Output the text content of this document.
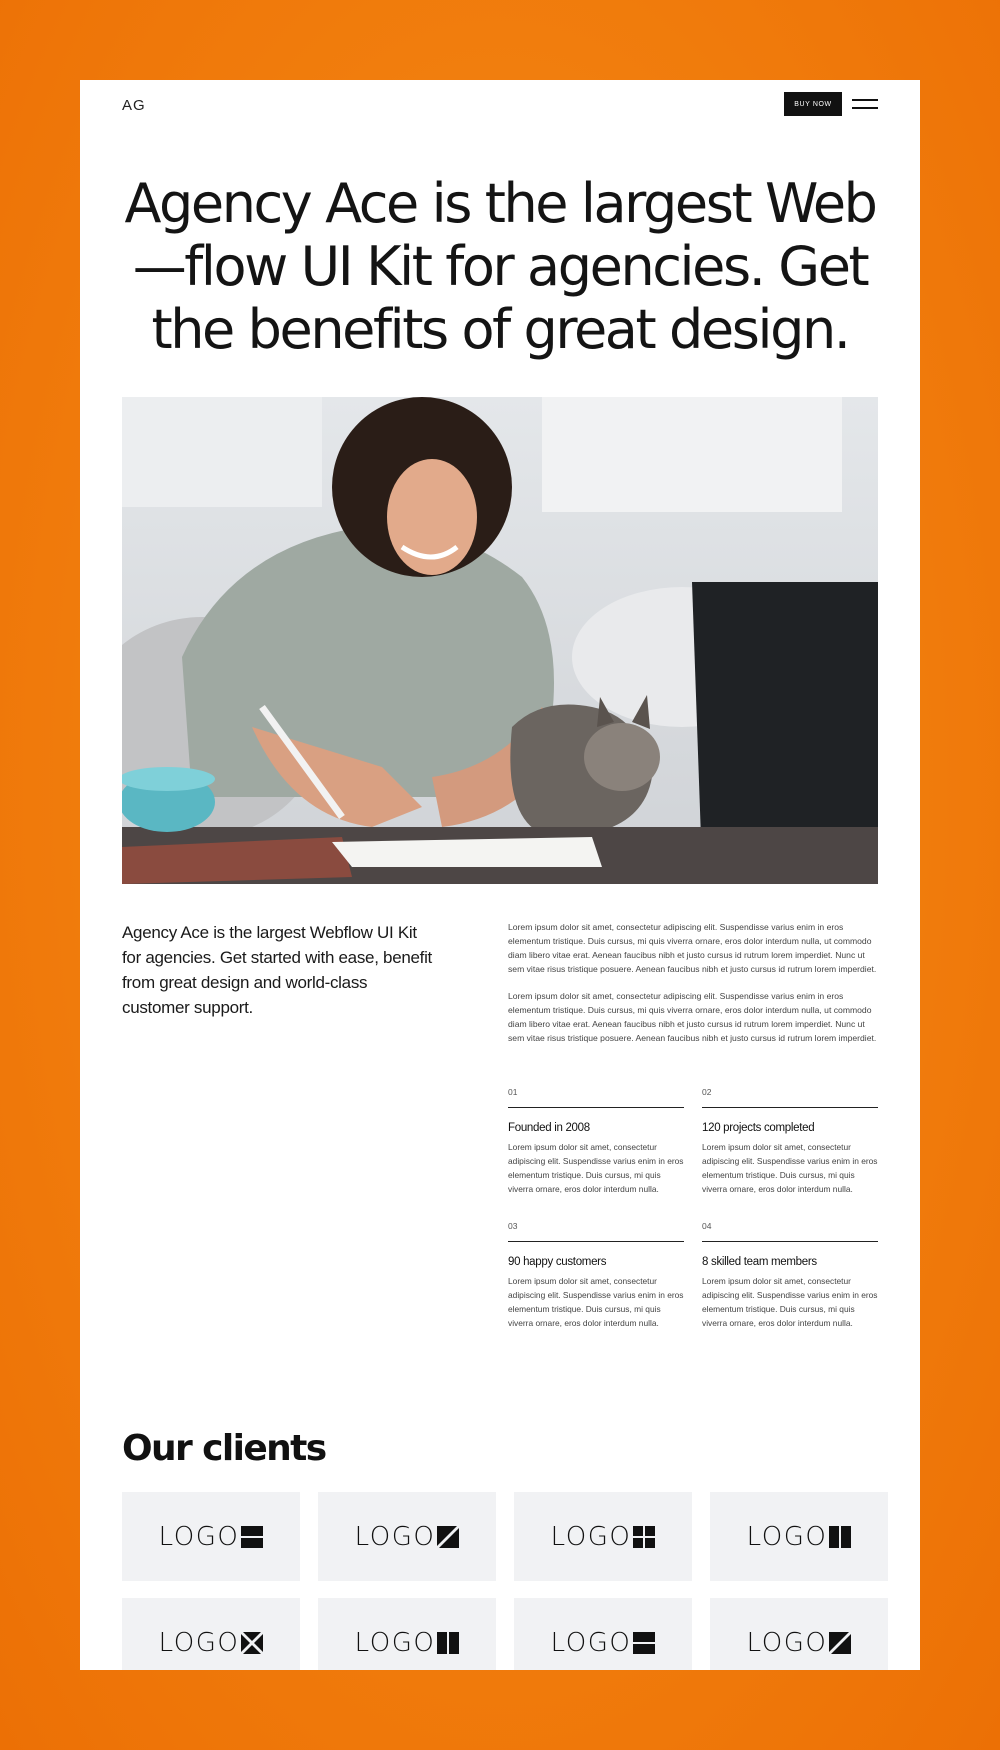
AG	BUY NOW
Agency Ace is the largest Web—flow UI Kit for agencies. Get the benefits of great design.

Agency Ace is the largest Webflow UI Kit for agencies. Get started with ease, benefit from great design and world-class customer support.

Lorem ipsum dolor sit amet, consectetur adipiscing elit. Suspendisse varius enim in eros elementum tristique. Duis cursus, mi quis viverra ornare, eros dolor interdum nulla, ut commodo diam libero vitae erat. Aenean faucibus nibh et justo cursus id rutrum lorem imperdiet. Nunc ut sem vitae risus tristique posuere. Aenean faucibus nibh et justo cursus id rutrum lorem imperdiet.

Lorem ipsum dolor sit amet, consectetur adipiscing elit. Suspendisse varius enim in eros elementum tristique. Duis cursus, mi quis viverra ornare, eros dolor interdum nulla, ut commodo diam libero vitae erat. Aenean faucibus nibh et justo cursus id rutrum lorem imperdiet. Nunc ut sem vitae risus tristique posuere. Aenean faucibus nibh et justo cursus id rutrum lorem imperdiet.

01
Founded in 2008
Lorem ipsum dolor sit amet, consectetur adipiscing elit. Suspendisse varius enim in eros elementum tristique. Duis cursus, mi quis viverra ornare, eros dolor interdum nulla.
02
120 projects completed
Lorem ipsum dolor sit amet, consectetur adipiscing elit. Suspendisse varius enim in eros elementum tristique. Duis cursus, mi quis viverra ornare, eros dolor interdum nulla.
03
90 happy customers
Lorem ipsum dolor sit amet, consectetur adipiscing elit. Suspendisse varius enim in eros elementum tristique. Duis cursus, mi quis viverra ornare, eros dolor interdum nulla.
04
8 skilled team members
Lorem ipsum dolor sit amet, consectetur adipiscing elit. Suspendisse varius enim in eros elementum tristique. Duis cursus, mi quis viverra ornare, eros dolor interdum nulla.
Our clients
LOGO	LOGO	LOGO	LOGO
LOGO	LOGO	LOGO	LOGO
